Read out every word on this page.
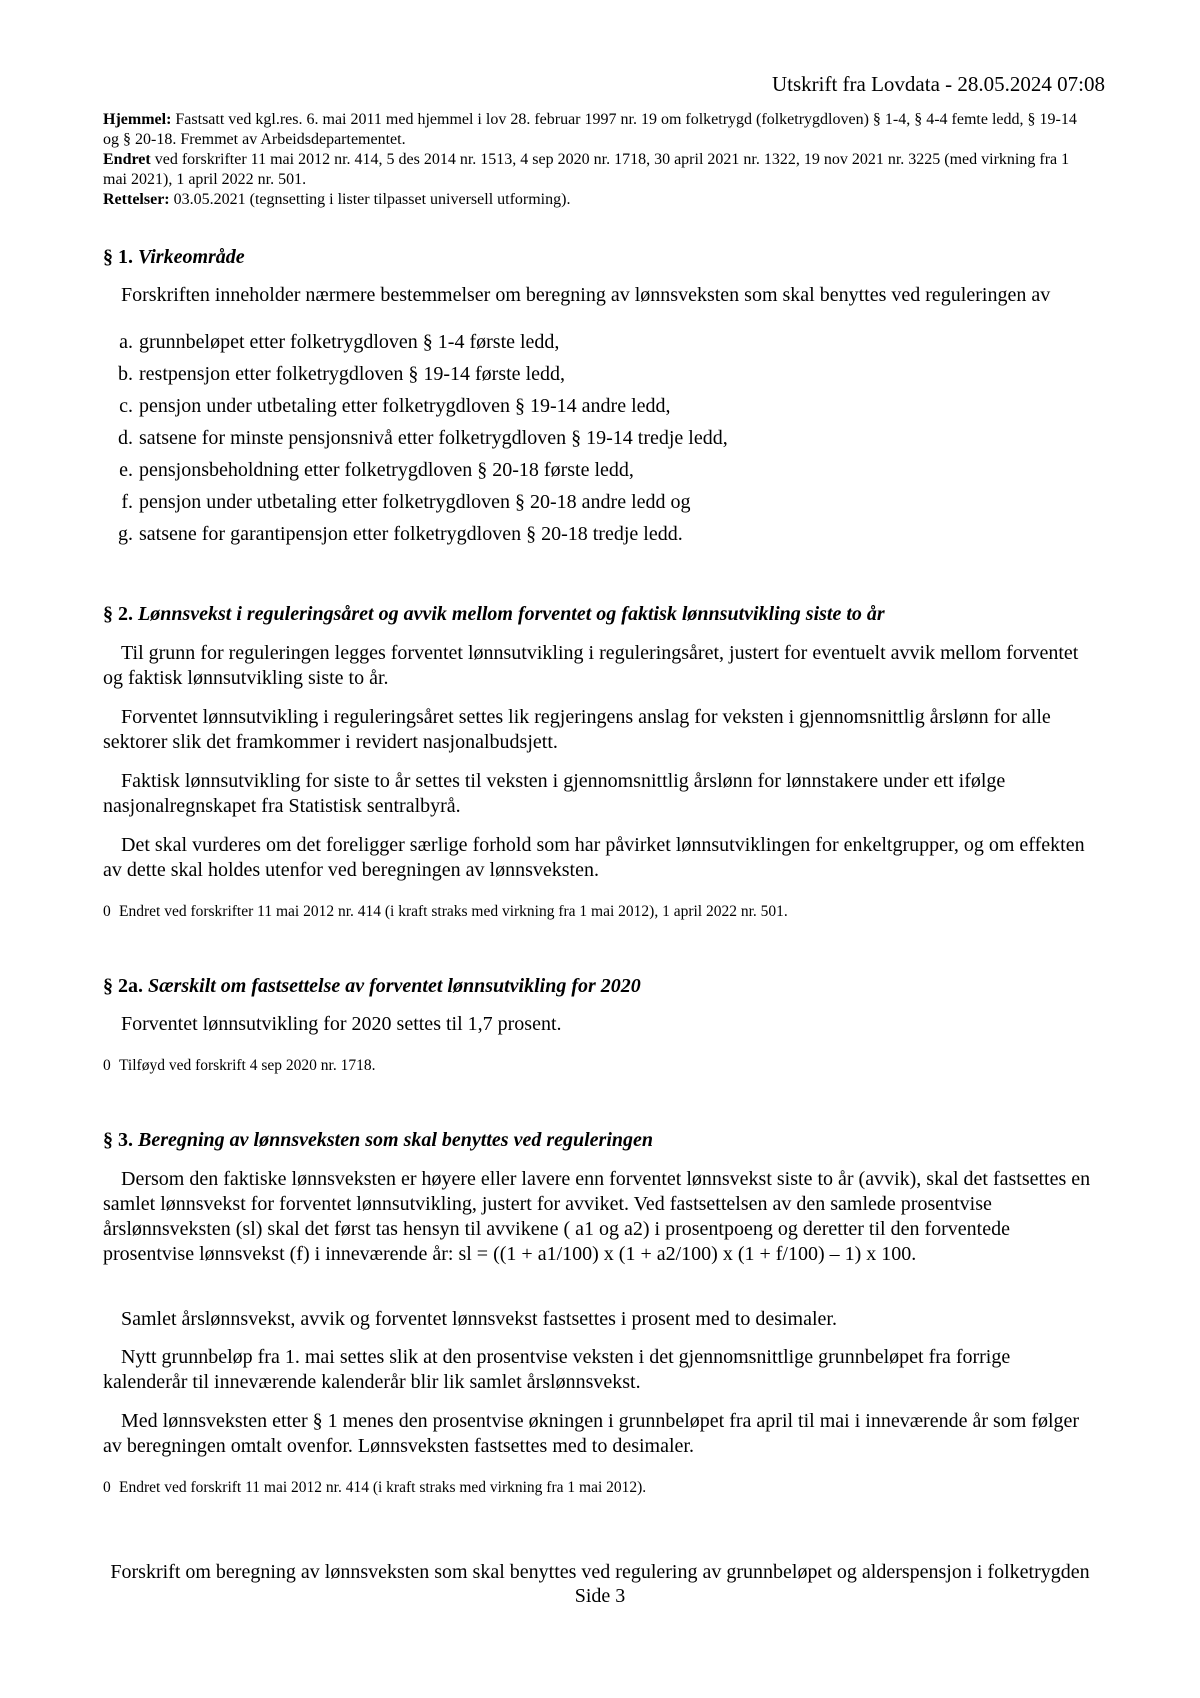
Utskrift fra Lovdata - 28.05.2024 07:08

Hjemmel: Fastsatt ved kgl.res. 6. mai 2011 med hjemmel i lov 28. februar 1997 nr. 19 om folketrygd (folketrygdloven) § 1-4, § 4-4 femte ledd, § 19-14 og § 20-18. Fremmet av Arbeidsdepartementet.

Endret ved forskrifter 11 mai 2012 nr. 414, 5 des 2014 nr. 1513, 4 sep 2020 nr. 1718, 30 april 2021 nr. 1322, 19 nov 2021 nr. 3225 (med virkning fra 1 mai 2021), 1 april 2022 nr. 501.

Rettelser: 03.05.2021 (tegnsetting i lister tilpasset universell utforming).

§ 1. Virkeområde

Forskriften inneholder nærmere bestemmelser om beregning av lønnsveksten som skal benyttes ved reguleringen av

a. grunnbeløpet etter folketrygdloven § 1-4 første ledd,
b. restpensjon etter folketrygdloven § 19-14 første ledd,
c. pensjon under utbetaling etter folketrygdloven § 19-14 andre ledd,
d. satsene for minste pensjonsnivå etter folketrygdloven § 19-14 tredje ledd,
e. pensjonsbeholdning etter folketrygdloven § 20-18 første ledd,
f. pensjon under utbetaling etter folketrygdloven § 20-18 andre ledd og
g. satsene for garantipensjon etter folketrygdloven § 20-18 tredje ledd.
§ 2. Lønnsvekst i reguleringsåret og avvik mellom forventet og faktisk lønnsutvikling siste to år

Til grunn for reguleringen legges forventet lønnsutvikling i reguleringsåret, justert for eventuelt avvik mellom forventet og faktisk lønnsutvikling siste to år.

Forventet lønnsutvikling i reguleringsåret settes lik regjeringens anslag for veksten i gjennomsnittlig årslønn for alle sektorer slik det framkommer i revidert nasjonalbudsjett.

Faktisk lønnsutvikling for siste to år settes til veksten i gjennomsnittlig årslønn for lønnstakere under ett ifølge nasjonalregnskapet fra Statistisk sentralbyrå.

Det skal vurderes om det foreligger særlige forhold som har påvirket lønnsutviklingen for enkeltgrupper, og om effekten av dette skal holdes utenfor ved beregningen av lønnsveksten.

0 Endret ved forskrifter 11 mai 2012 nr. 414 (i kraft straks med virkning fra 1 mai 2012), 1 april 2022 nr. 501.
§ 2a. Særskilt om fastsettelse av forventet lønnsutvikling for 2020

Forventet lønnsutvikling for 2020 settes til 1,7 prosent.

0 Tilføyd ved forskrift 4 sep 2020 nr. 1718.
§ 3. Beregning av lønnsveksten som skal benyttes ved reguleringen

Dersom den faktiske lønnsveksten er høyere eller lavere enn forventet lønnsvekst siste to år (avvik), skal det fastsettes en samlet lønnsvekst for forventet lønnsutvikling, justert for avviket. Ved fastsettelsen av den samlede prosentvise årslønnsveksten (sl) skal det først tas hensyn til avvikene ( a1 og a2) i prosentpoeng og deretter til den forventede prosentvise lønnsvekst (f) i inneværende år: sl = ((1 + a1/100) x (1 + a2/100) x (1 + f/100) – 1) x 100.

Samlet årslønnsvekst, avvik og forventet lønnsvekst fastsettes i prosent med to desimaler.

Nytt grunnbeløp fra 1. mai settes slik at den prosentvise veksten i det gjennomsnittlige grunnbeløpet fra forrige kalenderår til inneværende kalenderår blir lik samlet årslønnsvekst.

Med lønnsveksten etter § 1 menes den prosentvise økningen i grunnbeløpet fra april til mai i inneværende år som følger av beregningen omtalt ovenfor. Lønnsveksten fastsettes med to desimaler.

0 Endret ved forskrift 11 mai 2012 nr. 414 (i kraft straks med virkning fra 1 mai 2012).
Forskrift om beregning av lønnsveksten som skal benyttes ved regulering av grunnbeløpet og alderspensjon i folketrygden
Side 3
